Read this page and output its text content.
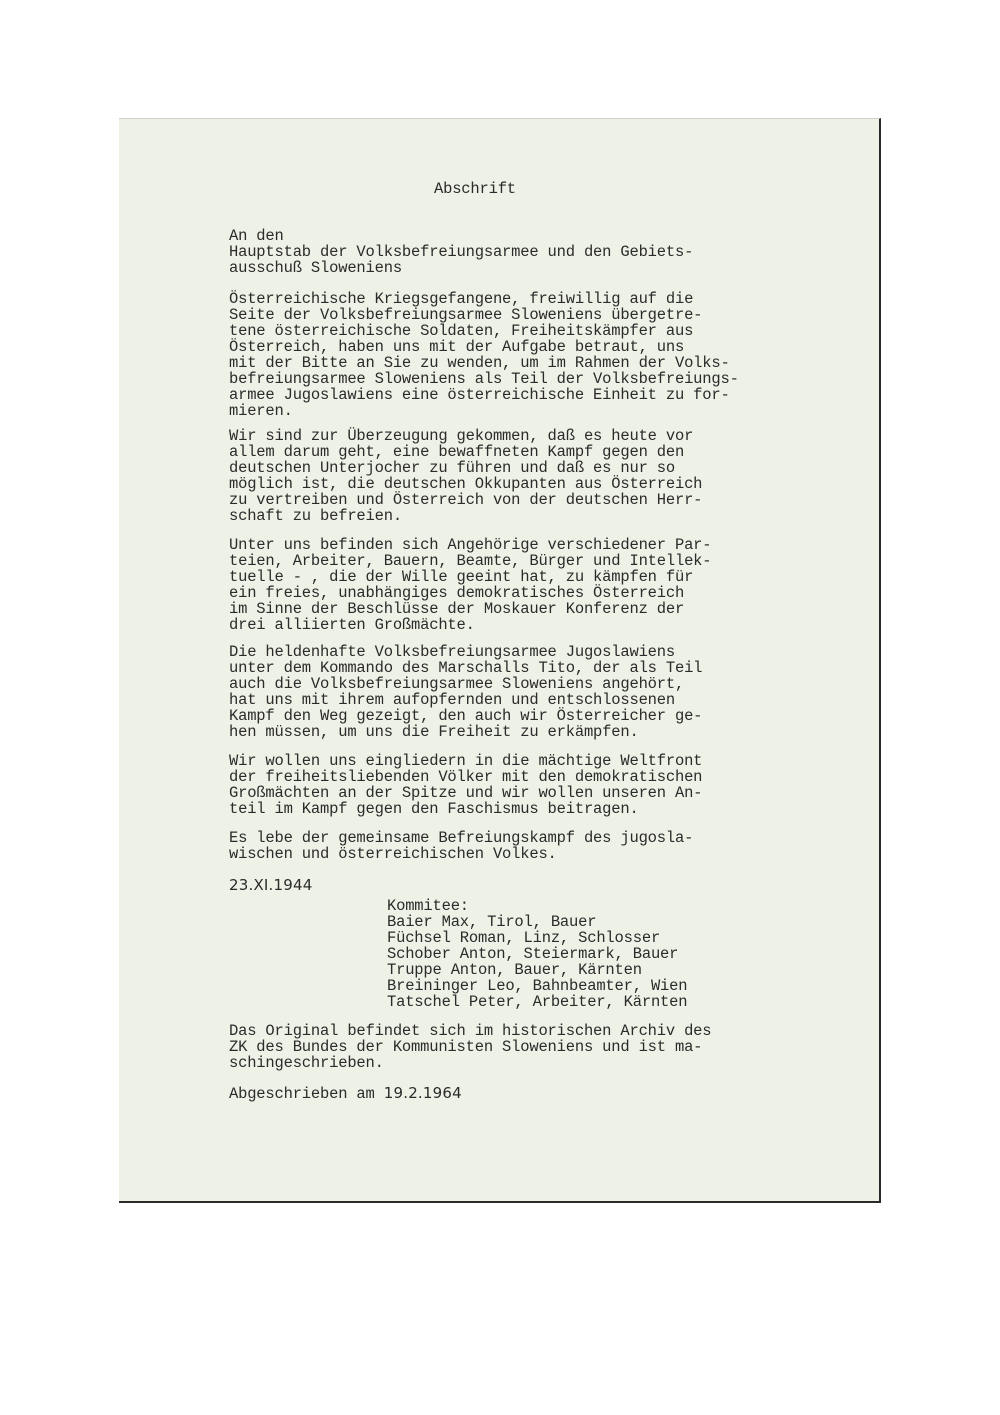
Abschrift
An den
Hauptstab der Volksbefreiungsarmee und den Gebiets-
ausschuß Sloweniens
Österreichische Kriegsgefangene, freiwillig auf die
Seite der Volksbefreiungsarmee Sloweniens übergetre-
tene österreichische Soldaten, Freiheitskämpfer aus
Österreich, haben uns mit der Aufgabe betraut, uns
mit der Bitte an Sie zu wenden, um im Rahmen der Volks-
befreiungsarmee Sloweniens als Teil der Volksbefreiungs-
armee Jugoslawiens eine österreichische Einheit zu for-
mieren.
Wir sind zur Überzeugung gekommen, daß es heute vor
allem darum geht, eine bewaffneten Kampf gegen den
deutschen Unterjocher zu führen und daß es nur so
möglich ist, die deutschen Okkupanten aus Österreich
zu vertreiben und Österreich von der deutschen Herr-
schaft zu befreien.
Unter uns befinden sich Angehörige verschiedener Par-
teien, Arbeiter, Bauern, Beamte, Bürger und Intellek-
tuelle - , die der Wille geeint hat, zu kämpfen für
ein freies, unabhängiges demokratisches Österreich
im Sinne der Beschlüsse der Moskauer Konferenz der
drei alliierten Großmächte.
Die heldenhafte Volksbefreiungsarmee Jugoslawiens
unter dem Kommando des Marschalls Tito, der als Teil
auch die Volksbefreiungsarmee Sloweniens angehört,
hat uns mit ihrem aufopfernden und entschlossenen
Kampf den Weg gezeigt, den auch wir Österreicher ge-
hen müssen, um uns die Freiheit zu erkämpfen.
Wir wollen uns eingliedern in die mächtige Weltfront
der freiheitsliebenden Völker mit den demokratischen
Großmächten an der Spitze und wir wollen unseren An-
teil im Kampf gegen den Faschismus beitragen.
Es lebe der gemeinsame Befreiungskampf des jugosla-
wischen und österreichischen Volkes.
23.XI.1944
Kommitee:
Baier Max, Tirol, Bauer
Füchsel Roman, Linz, Schlosser
Schober Anton, Steiermark, Bauer
Truppe Anton, Bauer, Kärnten
Breininger Leo, Bahnbeamter, Wien
Tatschel Peter, Arbeiter, Kärnten
Das Original befindet sich im historischen Archiv des
ZK des Bundes der Kommunisten Sloweniens und ist ma-
schingeschrieben.
Abgeschrieben am 19.2.1964
